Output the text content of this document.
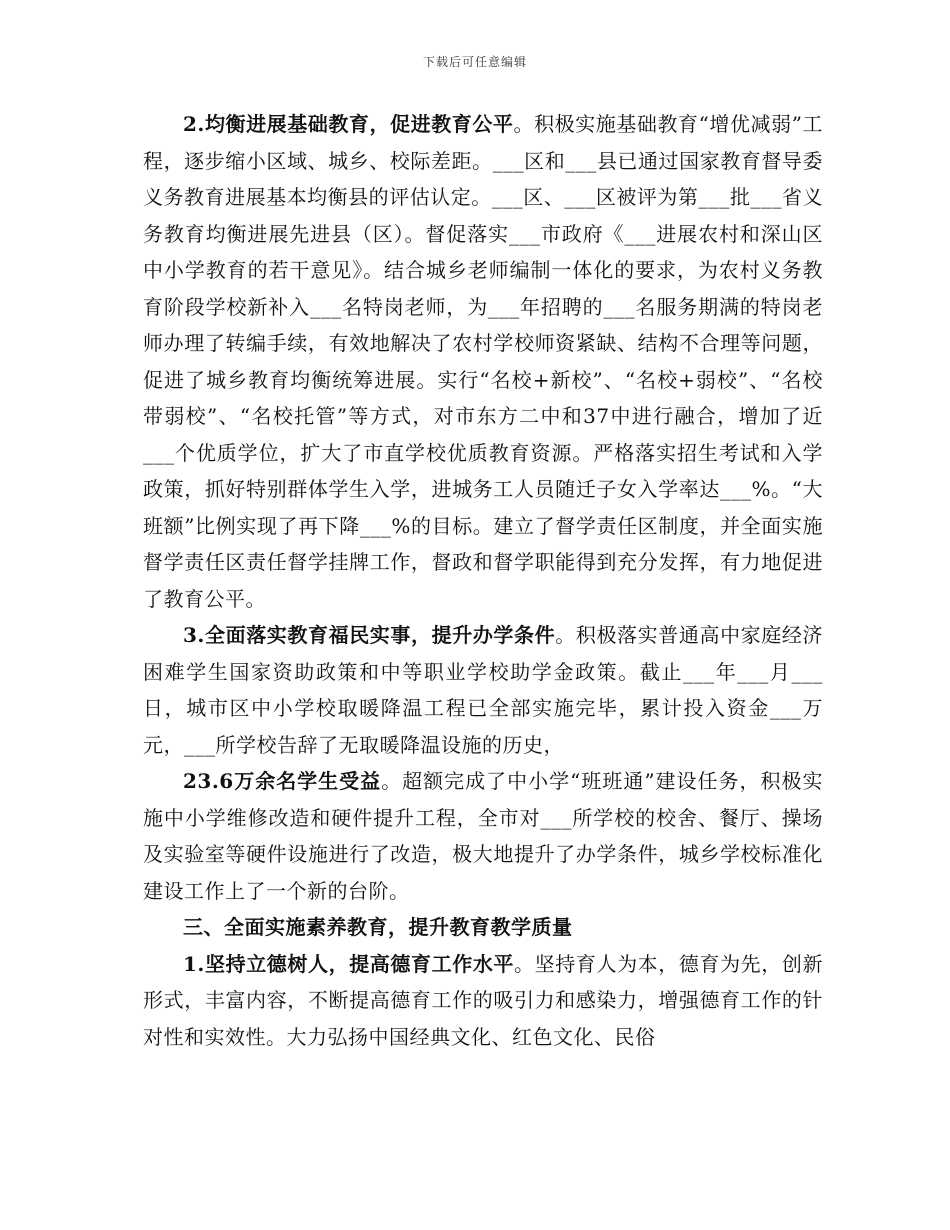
下载后可任意编辑

2.均衡进展基础教育，促进教育公平。积极实施基础教育“增优减弱”工程，逐步缩小区域、城乡、校际差距。___区和___县已通过国家教育督导委义务教育进展基本均衡县的评估认定。___区、___区被评为第___批___省义务教育均衡进展先进县（区）。督促落实___市政府《___进展农村和深山区中小学教育的若干意见》。结合城乡老师编制一体化的要求，为农村义务教育阶段学校新补入___名特岗老师，为___年招聘的___名服务期满的特岗老师办理了转编手续，有效地解决了农村学校师资紧缺、结构不合理等问题，促进了城乡教育均衡统筹进展。实行“名校+新校”、“名校+弱校”、“名校带弱校”、“名校托管”等方式，对市东方二中和37中进行融合，增加了近___个优质学位，扩大了市直学校优质教育资源。严格落实招生考试和入学政策，抓好特别群体学生入学，进城务工人员随迁子女入学率达___%。“大班额”比例实现了再下降___%的目标。建立了督学责任区制度，并全面实施督学责任区责任督学挂牌工作，督政和督学职能得到充分发挥，有力地促进了教育公平。

3.全面落实教育福民实事，提升办学条件。积极落实普通高中家庭经济困难学生国家资助政策和中等职业学校助学金政策。截止___年___月___日，城市区中小学校取暖降温工程已全部实施完毕，累计投入资金___万元，___所学校告辞了无取暖降温设施的历史，

23.6万余名学生受益。超额完成了中小学“班班通”建设任务，积极实施中小学维修改造和硬件提升工程，全市对___所学校的校舍、餐厅、操场及实验室等硬件设施进行了改造，极大地提升了办学条件，城乡学校标准化建设工作上了一个新的台阶。

三、全面实施素养教育，提升教育教学质量

1.坚持立德树人，提高德育工作水平。坚持育人为本，德育为先，创新形式，丰富内容，不断提高德育工作的吸引力和感染力，增强德育工作的针对性和实效性。大力弘扬中国经典文化、红色文化、民俗
